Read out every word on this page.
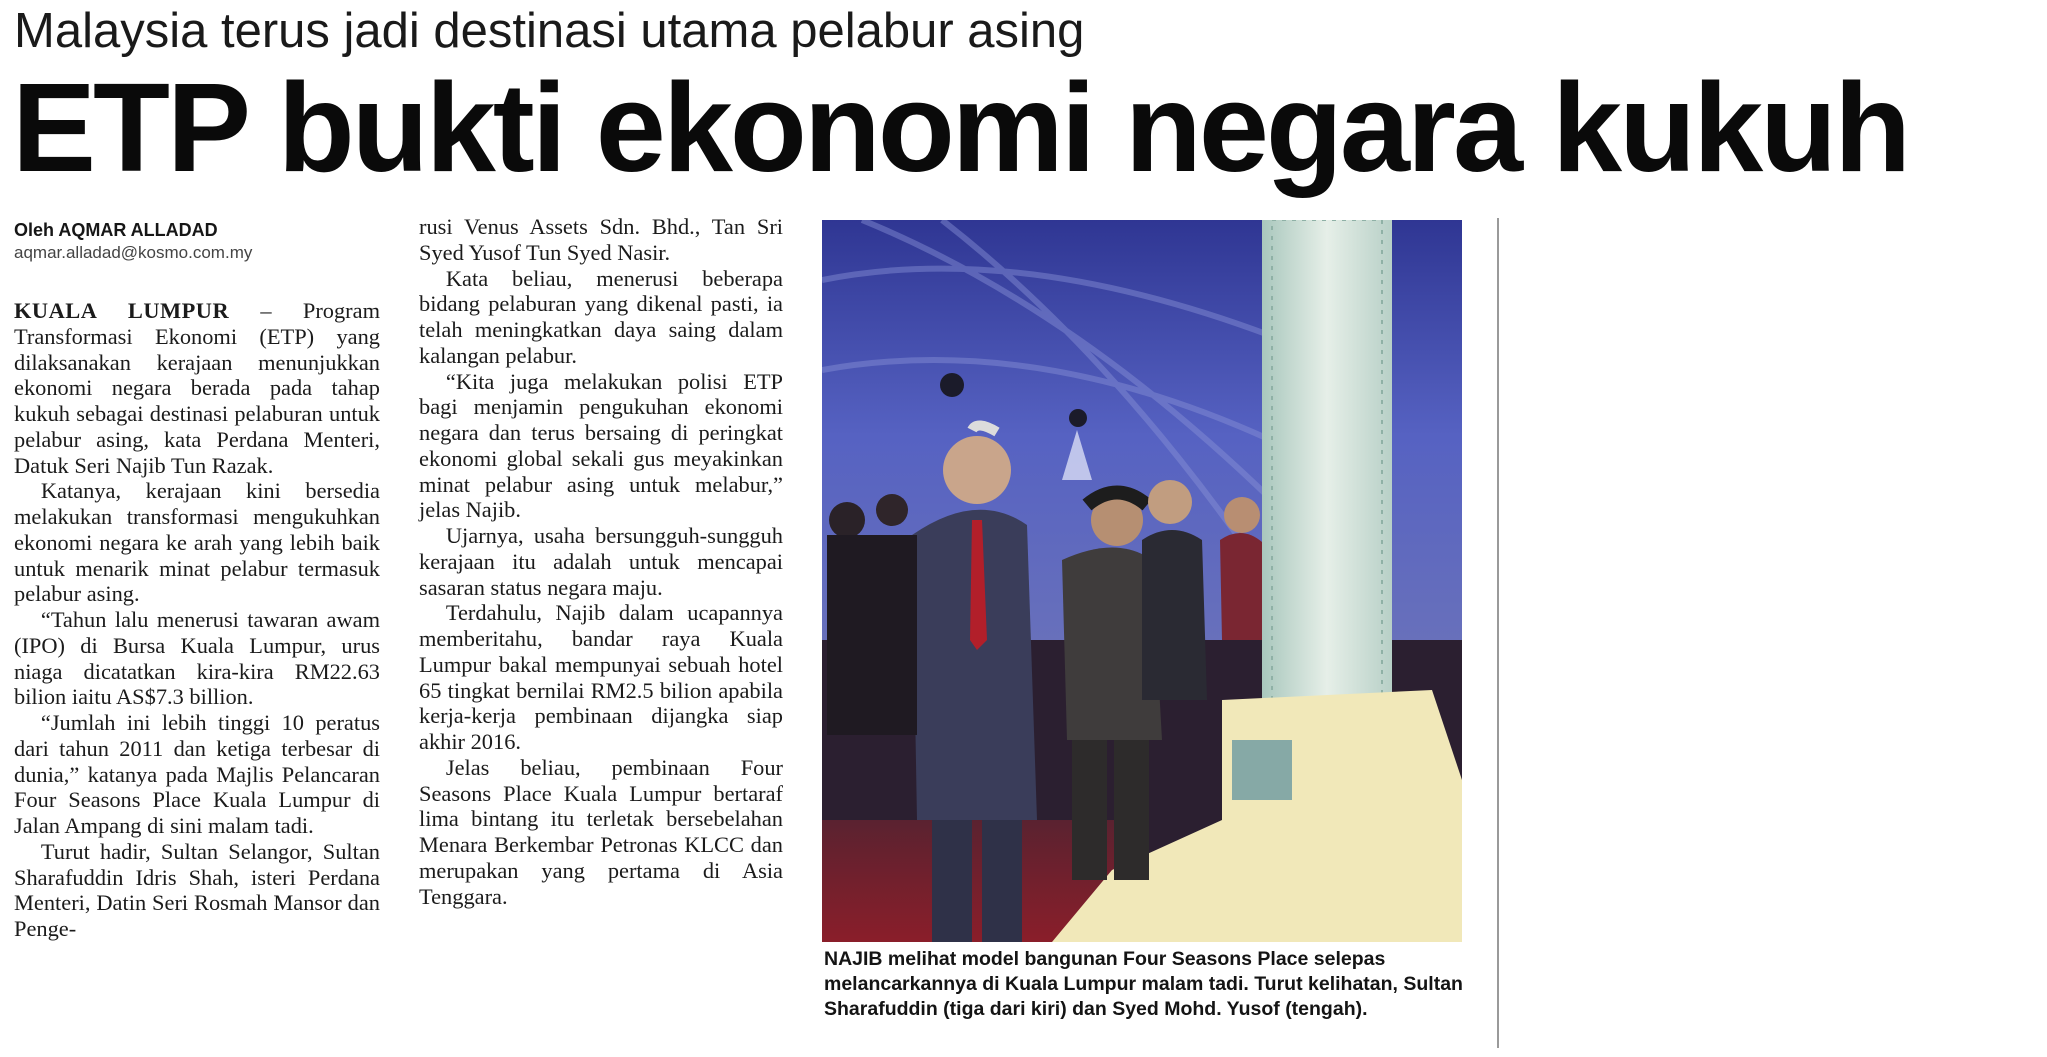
Malaysia terus jadi destinasi utama pelabur asing
ETP bukti ekonomi negara kukuh
Oleh AQMAR ALLADAD
aqmar.alladad@kosmo.com.my

KUALA LUMPUR – Program Transformasi Ekonomi (ETP) yang dilaksanakan kerajaan menunjukkan ekonomi negara berada pada tahap kukuh sebagai destinasi pelaburan untuk pelabur asing, kata Perdana Menteri, Datuk Seri Najib Tun Razak.

Katanya, kerajaan kini bersedia melakukan transformasi mengukuhkan ekonomi negara ke arah yang lebih baik untuk menarik minat pelabur termasuk pelabur asing.

“Tahun lalu menerusi tawaran awam (IPO) di Bursa Kuala Lumpur, urus niaga dicatatkan kira-kira RM22.63 bilion iaitu AS$7.3 billion.

“Jumlah ini lebih tinggi 10 peratus dari tahun 2011 dan ketiga terbesar di dunia,” katanya pada Majlis Pelancaran Four Seasons Place Kuala Lumpur di Jalan Ampang di sini malam tadi.

Turut hadir, Sultan Selangor, Sultan Sharafuddin Idris Shah, isteri Perdana Menteri, Datin Seri Rosmah Mansor dan Penge-

rusi Venus Assets Sdn. Bhd., Tan Sri Syed Yusof Tun Syed Nasir.

Kata beliau, menerusi beberapa bidang pelaburan yang dikenal pasti, ia telah meningkatkan daya saing dalam kalangan pelabur.

“Kita juga melakukan polisi ETP bagi menjamin pengukuhan ekonomi negara dan terus bersaing di peringkat ekonomi global sekali gus meyakinkan minat pelabur asing untuk melabur,” jelas Najib.

Ujarnya, usaha bersungguh-sungguh kerajaan itu adalah untuk mencapai sasaran status negara maju.

Terdahulu, Najib dalam ucapannya memberitahu, bandar raya Kuala Lumpur bakal mempunyai sebuah hotel 65 tingkat bernilai RM2.5 bilion apabila kerja-kerja pembinaan dijangka siap akhir 2016.

Jelas beliau, pembinaan Four Seasons Place Kuala Lumpur bertaraf lima bintang itu terletak bersebelahan Menara Berkembar Petronas KLCC dan merupakan yang pertama di Asia Tenggara.

NAJIB melihat model bangunan Four Seasons Place selepas melancarkannya di Kuala Lumpur malam tadi. Turut kelihatan, Sultan Sharafuddin (tiga dari kiri) dan Syed Mohd. Yusof (tengah).
